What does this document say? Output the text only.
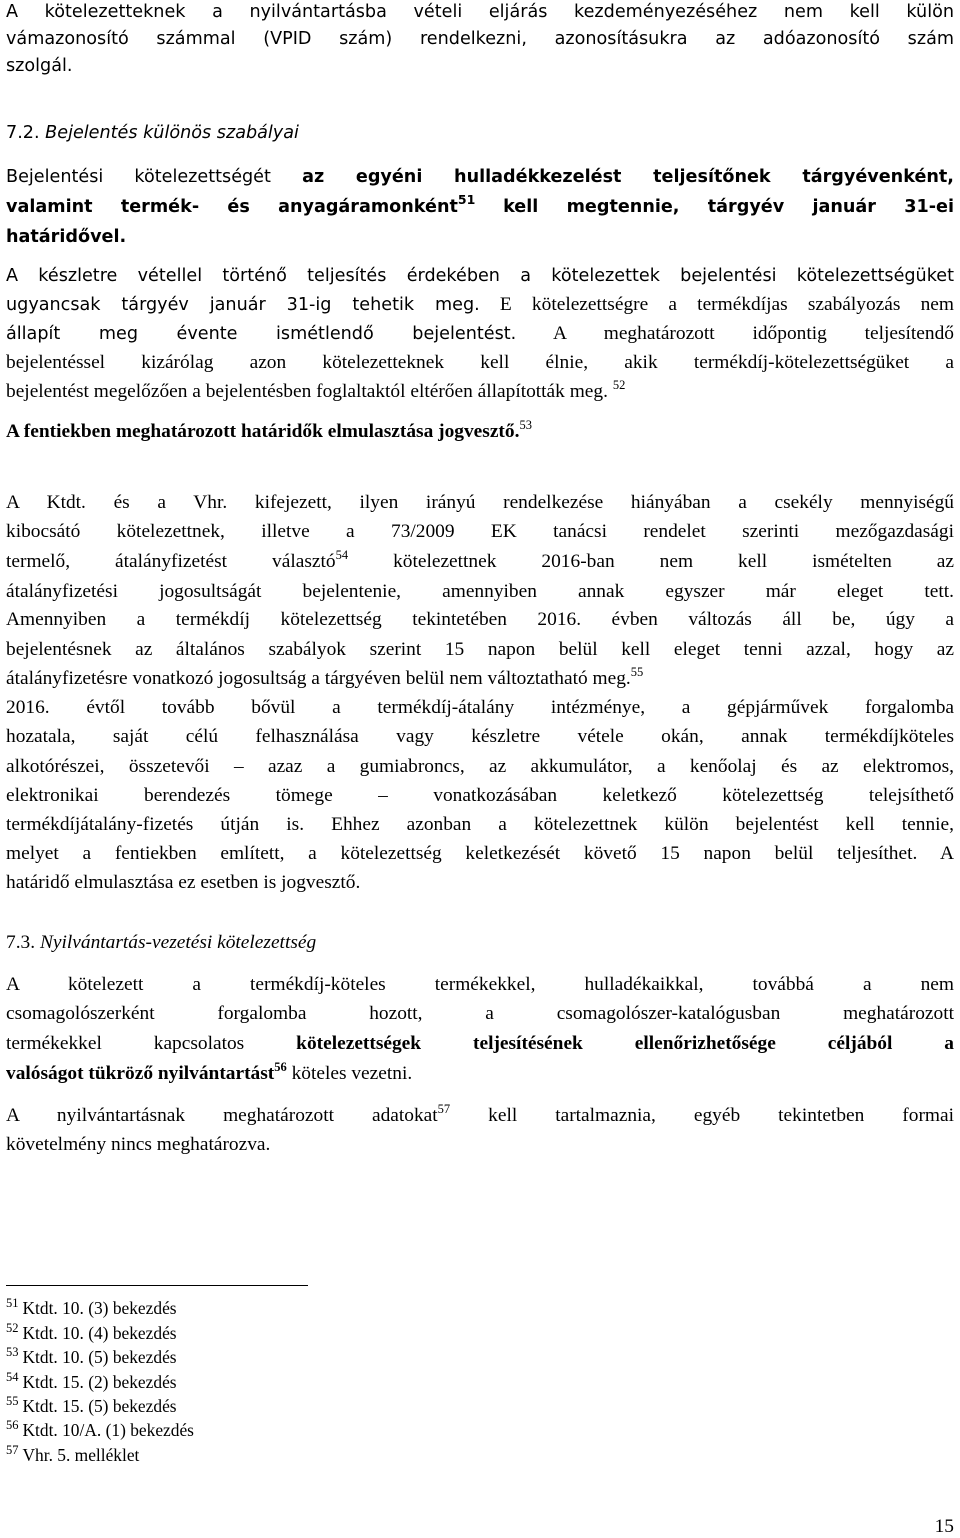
A kötelezetteknek a nyilvántartásba vételi eljárás kezdeményezéséhez nem kell külön
vámazonosító számmal (VPID szám) rendelkezni, azonosításukra az adóazonosító szám
szolgál.
7.2. Bejelentés különös szabályai
Bejelentési kötelezettségét az egyéni hulladékkezelést teljesítőnek tárgyévenként,
valamint termék- és anyagáramonként$^{51}$ kell megtennie, tárgyév január 31-ei
határidővel.
A készletre vétellel történő teljesítés érdekében a kötelezettek bejelentési kötelezettségüket
ugyancsak tárgyév január 31-ig tehetik meg. E kötelezettségre a termékdíjas szabályozás nem
állapít meg évente ismétlendő bejelentést. A meghatározott időpontig teljesítendő
bejelentéssel kizárólag azon kötelezetteknek kell élnie, akik termékdíj-kötelezettségüket a
bejelentést megelőzően a bejelentésben foglaltaktól eltérően állapították meg. $^{52}$
A fentiekben meghatározott határidők elmulasztása jogvesztő.$^{53}$
A Ktdt. és a Vhr. kifejezett, ilyen irányú rendelkezése hiányában a csekély mennyiségű
kibocsátó kötelezettnek, illetve a 73/2009 EK tanácsi rendelet szerinti mezőgazdasági
termelő, átalányfizetést választó$^{54}$ kötelezettnek 2016-ban nem kell ismételten az
átalányfizetési jogosultságát bejelentenie, amennyiben annak egyszer már eleget tett.
Amennyiben a termékdíj kötelezettség tekintetében 2016. évben változás áll be, úgy a
bejelentésnek az általános szabályok szerint 15 napon belül kell eleget tenni azzal, hogy az
átalányfizetésre vonatkozó jogosultság a tárgyéven belül nem változtatható meg.$^{55}$
2016. évtől tovább bővül a termékdíj-átalány intézménye, a gépjárművek forgalomba
hozatala, saját célú felhasználása vagy készletre vétele okán, annak termékdíjköteles
alkotórészei, összetevői – azaz a gumiabroncs, az akkumulátor, a kenőolaj és az elektromos,
elektronikai berendezés tömege – vonatkozásában keletkező kötelezettség telejsíthető
termékdíjátalány-fizetés útján is. Ehhez azonban a kötelezettnek külön bejelentést kell tennie,
melyet a fentiekben említett, a kötelezettség keletkezését követő 15 napon belül teljesíthet. A
határidő elmulasztása ez esetben is jogvesztő.
7.3. Nyilvántartás-vezetési kötelezettség
A kötelezett a termékdíj-köteles termékekkel, hulladékaikkal, továbbá a nem
csomagolószerként forgalomba hozott, a csomagolószer-katalógusban meghatározott
termékekkel kapcsolatos	kötelezettségek teljesítésének ellenőrizhetősége céljából a
valóságot tükröző nyilvántartást$^{56}$ köteles vezetni.
A nyilvántartásnak meghatározott adatokat$^{57}$ kell tartalmaznia, egyéb tekintetben formai
követelmény nincs meghatározva.
$^{51}$ Ktdt. 10. (3) bekezdés
$^{52}$ Ktdt. 10. (4) bekezdés
$^{53}$ Ktdt. 10. (5) bekezdés
$^{54}$ Ktdt. 15. (2) bekezdés
$^{55}$ Ktdt. 15. (5) bekezdés
$^{56}$ Ktdt. 10/A. (1) bekezdés
$^{57}$ Vhr. 5. melléklet
15
